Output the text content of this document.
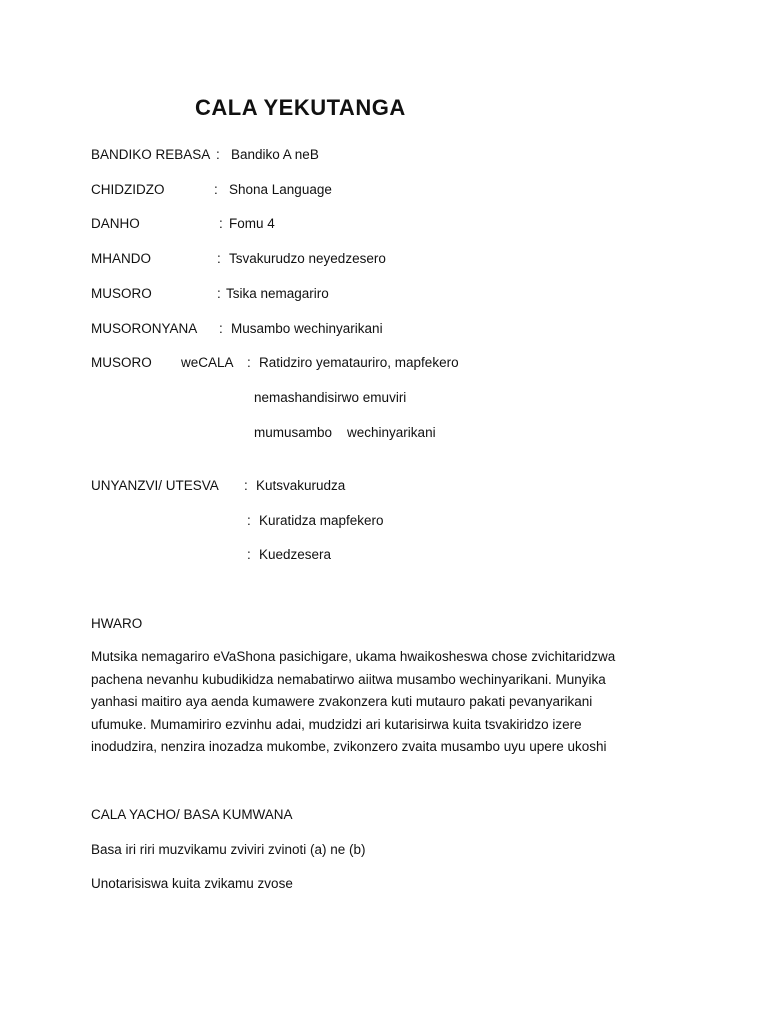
CALA YEKUTANGA
BANDIKO REBASA : Bandiko A neB
CHIDZIDZO	: Shona Language
DANHO	: Fomu 4
MHANDO	: Tsvakurudzo neyedzesero
MUSORO	: Tsika nemagariro
MUSORONYANA : Musambo wechinyarikani
MUSORO weCALA : Ratidziro yematauriro, mapfekero
nemashandisirwo emuviri
mumusambo    wechinyarikani
UNYANZVI/ UTESVA : Kutsvakurudza
: Kuratidza mapfekero
: Kuedzesera
HWARO
Mutsika nemagariro eVaShona pasichigare, ukama hwaikosheswa chose zvichitaridzwa
pachena nevanhu kubudikidza nemabatirwo aiitwa musambo wechinyarikani. Munyika
yanhasi maitiro aya aenda kumawere zvakonzera kuti mutauro pakati pevanyarikani
ufumuke. Mumamiriro ezvinhu adai, mudzidzi ari kutarisirwa kuita tsvakiridzo izere
inodudzira, nenzira inozadza mukombe, zvikonzero zvaita musambo uyu upere ukoshi
CALA YACHO/ BASA KUMWANA
Basa iri riri muzvikamu zviviri zvinoti (a) ne (b)
Unotarisiswa kuita zvikamu zvose
